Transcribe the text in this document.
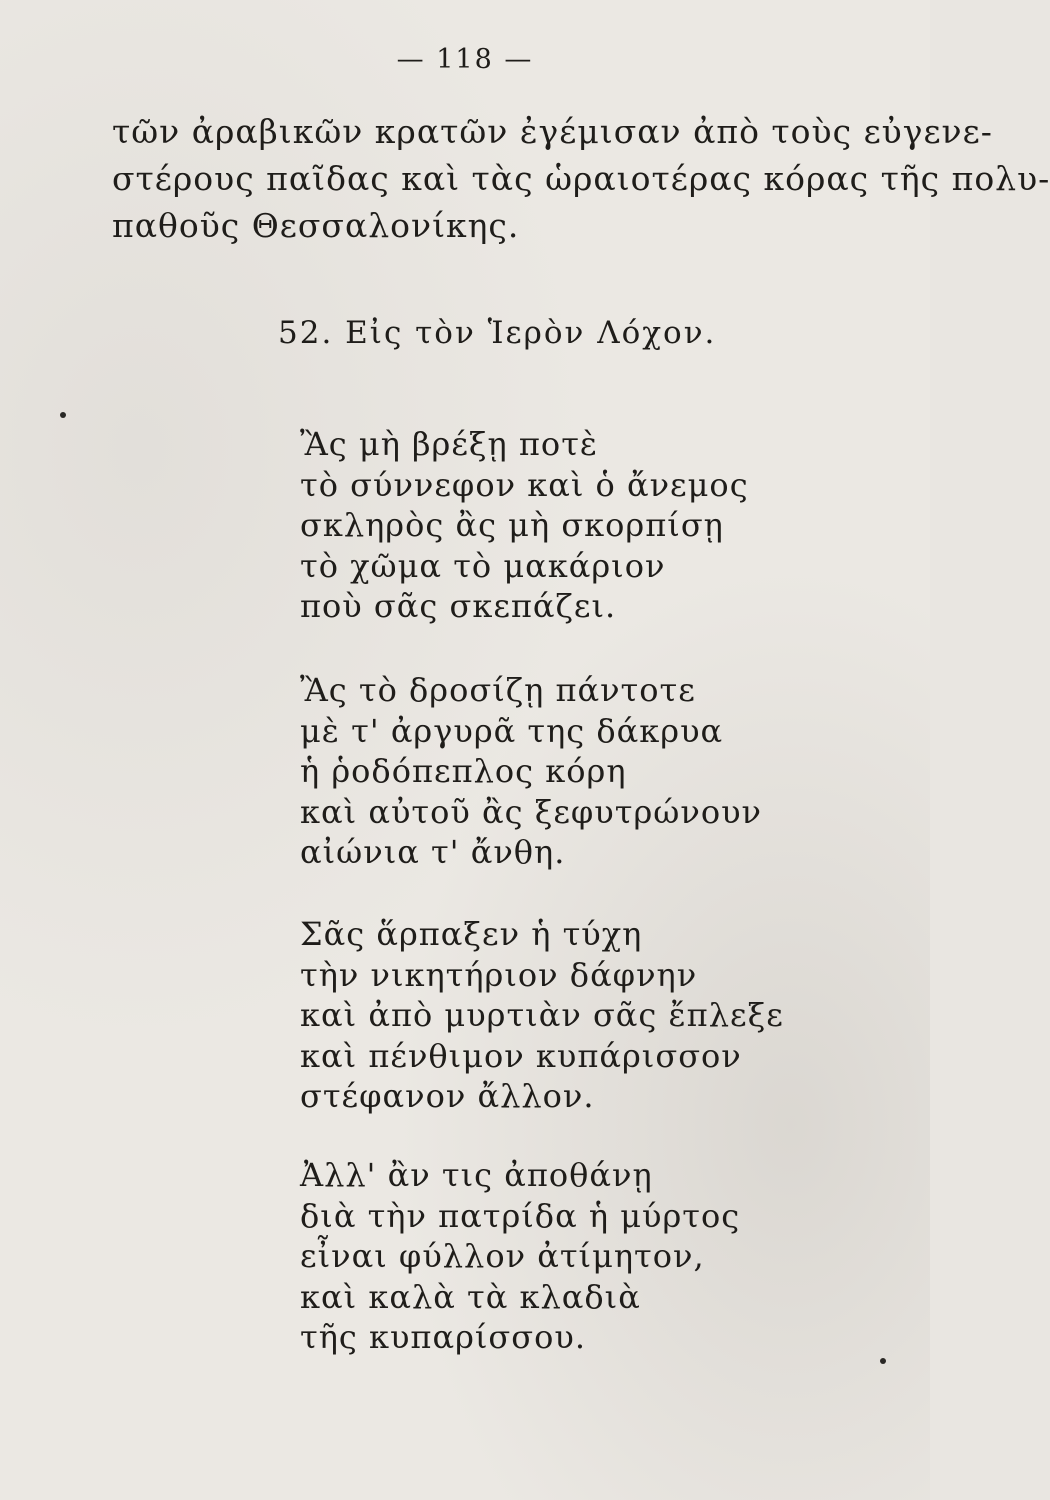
— 118 —
τῶν ἀραβικῶν κρατῶν ἐγέμισαν ἀπὸ τοὺς εὐγενε-
στέρους παῖδας καὶ τὰς ὡραιοτέρας κόρας τῆς πολυ-
παθοῦς Θεσσαλονίκης.
52. Εἰς τὸν Ἱερὸν Λόχον.
Ἂς μὴ βρέξῃ ποτὲ
τὸ σύννεφον καὶ ὁ ἄνεμος
σκληρὸς ἂς μὴ σκορπίσῃ
τὸ χῶμα τὸ μακάριον
ποὺ σᾶς σκεπάζει.
Ἂς τὸ δροσίζῃ πάντοτε
μὲ τ' ἀργυρᾶ της δάκρυα
ἡ ῥοδόπεπλος κόρη
καὶ αὐτοῦ ἂς ξεφυτρώνουν
αἰώνια τ' ἄνθη.
Σᾶς ἅρπαξεν ἡ τύχη
τὴν νικητήριον δάφνην
καὶ ἀπὸ μυρτιὰν σᾶς ἔπλεξε
καὶ πένθιμον κυπάρισσον
στέφανον ἄλλον.
Ἀλλ' ἂν τις ἀποθάνῃ
διὰ τὴν πατρίδα ἡ μύρτος
εἶναι φύλλον ἀτίμητον,
καὶ καλὰ τὰ κλαδιὰ
τῆς κυπαρίσσου.
